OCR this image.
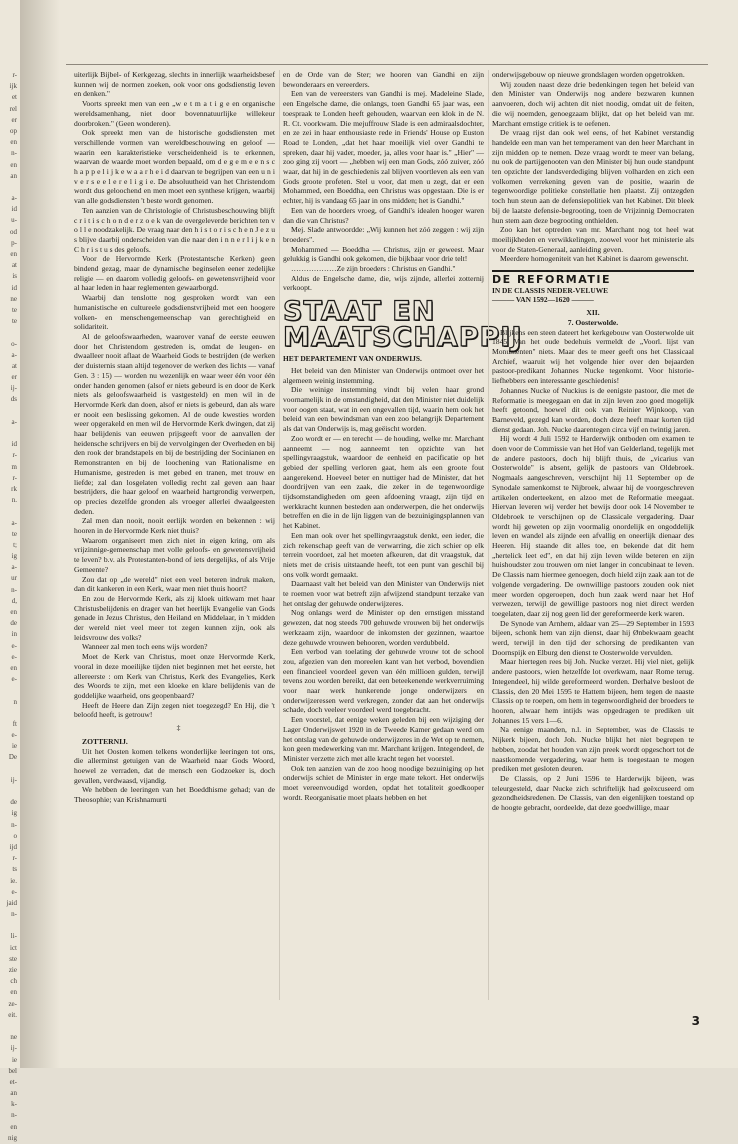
r-
ijk
et
rel
er
op
en
n-
en
an
a-
id
u-
od
p-
en
at
is
id
ne
te
te
o-
a-
at
er
ij-
ds
a-
id
r-
m
r-
rk
n.
a-
te
t;
ig
a-
ur
n-
d,
en
de
in
e-
e-
en
e-
n
ft
e-
ie
De
ij-
de
ig
n-
o
ijd
r-
ts
ie.
e-
jaid
n-
li-
ict
ste
zie
ch
en
ze-
eit.
ne
ij-
ie
bel
et-
an
k-
n-
en
nig

uiterlijk Bijbel- of Kerkgezag, slechts in innerlijk waarheidsbesef kunnen wij de normen zoeken, ook voor ons godsdienstig leven en denken."

Voorts spreekt men van een „w e t m a t i g e en organische wereldsamenhang, niet door bovennatuurlijke willekeur doorbroken." (Geen wonderen).

Ook spreekt men van de historische godsdiensten met verschillende vormen van wereldbeschouwing en geloof — waarin een karakteristieke verscheidenheid is te erkennen, waarvan de waarde moet worden bepaald, om d e g e m e e n s c h a p p e l i j k e w a a r h e i d daarvan te begrijpen van een u n i v e r s e e l e r e l i g i e. De absoluutheid van het Christendom wordt dus geloochend en men moet een synthese krijgen, waarbij van alle godsdiensten 't beste wordt genomen.

Ten aanzien van de Christologie of Christusbeschouwing blijft c r i t i s c h o n d e r z o e k van de overgeleverde berichten ten v o l l e noodzakelijk. De vraag naar den h i s t o r i s c h e n J e z u s blijve daarbij onderscheiden van die naar den i n n e r l i j k e n C h r i s t u s des geloofs.

Voor de Hervormde Kerk (Protestantsche Kerken) geen bindend gezag, maar de dynamische beginselen eener zedelijke religie — en daarom volledig geloofs- en gewetensvrijheid voor al haar leden in haar reglementen gewaarborgd.

Waarbij dan tenslotte nog gesproken wordt van een humanistische en cultureele godsdienstvrijheid met een hoogere volken- en menschengemeenschap van gerechtigheid en solidariteit.

Al de geloofswaarheden, waarover vanaf de eerste eeuwen door het Christendom gestreden is, omdat de leugen- en dwaalleer nooit aflaat de Waarheid Gods te bestrijden (de werken der duisternis staan altijd tegenover de werken des lichts — vanaf Gen. 3 : 15) — worden nu wezenlijk en waar weer één voor één onder handen genomen (alsof er niets gebeurd is en door de Kerk niets als geloofswaarheid is vastgesteld) en men wil in de Hervormde Kerk dan doen, alsof er niets is gebeurd, dan als ware er nooit een beslissing gekomen. Al de oude kwesties worden weer opgerakeld en men wil de Hervormde Kerk dwingen, dat zij haar belijdenis van eeuwen prijsgeeft voor de aanvallen der heidensche schrijvers en bij de vervolgingen der Overheden en bij den rook der brandstapels en bij de bestrijding der Socinianen en Remonstranten en bij de loochening van Rationalisme en Humanisme, gestreden is met gebed en tranen, met trouw en liefde; zal dan losgelaten volledig recht zal geven aan haar bestrijders, die haar geloof en waarheid hartgrondig verwerpen, op precies dezelfde gronden als vroeger allerlei dwaalgeesten deden.

Zal men dan nooit, nooit eerlijk worden en bekennen : wij hooren in de Hervormde Kerk niet thuis?

Waarom organiseert men zich niet in eigen kring, om als vrijzinnige-gemeenschap met volle geloofs- en gewetensvrijheid te leven? b.v. als Protestanten-bond of iets dergelijks, of als Vrije Gemeente?

Zou dat op „de wereld" niet een veel beteren indruk maken, dan dit kankeren in een Kerk, waar men niet thuis hoort?

En zou de Hervormde Kerk, als zij kloek uitkwam met haar Christusbelijdenis en drager van het heerlijk Evangelie van Gods genade in Jezus Christus, den Heiland en Middelaar, in 't midden der wereld niet veel meer tot zegen kunnen zijn, ook als leidsvrouw des volks?

Wanneer zal men toch eens wijs worden?

Moet de Kerk van Christus, moet onze Hervormde Kerk, vooral in deze moeilijke tijden niet beginnen met het eerste, het allereerste : om Kerk van Christus, Kerk des Evangelies, Kerk des Woords te zijn, met een kloeke en klare belijdenis van de goddelijke waarheid, ons geopenbaard?

Heeft de Heere dan Zijn zegen niet toegezegd? En Hij, die 't beloofd heeft, is getrouw!

‡

ZOTTERNIJ.

Uit het Oosten komen telkens wonderlijke leeringen tot ons, die allerminst getuigen van de Waarheid naar Gods Woord, hoewel ze verraden, dat de mensch een Godzoeker is, doch gevallen, verdwaasd, vijandig.

We hebben de leeringen van het Boeddhisme gehad; van de Theosophie; van Krishnamurti

en de Orde van de Ster; we hooren van Gandhi en zijn bewonderaars en vereerders.

Een van de vereersters van Gandhi is mej. Madeleine Slade, een Engelsche dame, die onlangs, toen Gandhi 65 jaar was, een toespraak te Londen heeft gehouden, waarvan een klok in de N. R. Ct. voorkwam. Die mejuffrouw Slade is een admiraalsdochter, en ze zei in haar enthousiaste rede in Friends' House op Euston Road te Londen, „dat het haar moeilijk viel over Gandhi te spreken, daar hij vader, moeder, ja, alles voor haar is." „Hier" — zoo ging zij voort — „hebben wij een man Gods, zóó zuiver, zóó waar, dat hij in de geschiedenis zal blijven voortleven als een van Gods groote profeten. Stel u voor, dat men u zegt, dat er een Mohammed, een Boeddha, een Christus was opgestaan. Die is er echter, hij is vandaag 65 jaar in ons midden; het is Gandhi."

Een van de hoorders vroeg, of Gandhi's idealen hooger waren dan die van Christus?

Mej. Slade antwoordde: „Wij kunnen het zóó zeggen : wij zijn broeders".

Mohammed — Boeddha — Christus, zijn er geweest. Maar gelukkig is Gandhi ook gekomen, die bijkbaar voor drie telt!

………………Ze zijn broeders : Christus en Gandhi."

Aldus de Engelsche dame, die, wijs zijnde, allerlei zotternij verkoopt.

STAAT EN
MAATSCHAPPIJ
HET DEPARTEMENT VAN ONDERWIJS.

Het beleid van den Minister van Onderwijs ontmoet over het algemeen weinig instemming.

Die weinige instemming vindt bij velen haar grond voornamelijk in de omstandigheid, dat den Minister niet duidelijk voor oogen staat, wat in een ongevallen tijd, waarin hem ook het beleid van een bewindsman van een zoo belangrijk Departement als dat van Onderwijs is, mag geëischt worden.

Zoo wordt er — en terecht — de houding, welke mr. Marchant aanneemt — nog aanneemt ten opzichte van het spellingvraagstuk, waardoor de eenheid en pacificatie op het gebied der spelling verloren gaat, hem als een groote fout aangerekend. Hoeveel beter en nuttiger had de Minister, dat het doordrijven van een zaak, die zeker in de tegenwoordige tijdsomstandigheden om geen afdoening vraagt, zijn tijd en werkkracht kunnen besteden aan onderwerpen, die het onderwijs betreffen en die in de lijn liggen van de bezuinigingsplannen van het Kabinet.

Een man ook over het spellingvraagstuk denkt, een ieder, die zich rekenschap geeft van de verwarring, die zich schier op elk terrein voordoet, zal het moeten afkeuren, dat dit vraagstuk, dat niets met de crisis uitstaande heeft, tot een punt van geschil bij ons volk wordt gemaakt.

Daarnaast valt het beleid van den Minister van Onderwijs niet te roemen voor wat betreft zijn afwijzend standpunt terzake van het ontslag der gehuwde onderwijzeres.

Nog onlangs werd de Minister op den ernstigen misstand gewezen, dat nog steeds 700 gehuwde vrouwen bij het onderwijs werkzaam zijn, waardoor de inkomsten der gezinnen, waartoe deze gehuwde vrouwen behooren, worden verdubbeld.

Een verbod van toelating der gehuwde vrouw tot de school zou, afgezien van den moreelen kant van het verbod, bovendien een financieel voordeel geven van één millioen gulden, terwijl tevens zou worden bereikt, dat een beteekenende werkverruiming voor naar werk hunkerende jonge onderwijzers en onderwijzeressen werd verkregen, zonder dat aan het onderwijs schade, doch veeleer voordeel werd toegebracht.

Een voorstel, dat eenige weken geleden bij een wijziging der Lager Onderwijswet 1920 in de Tweede Kamer gedaan werd om het ontslag van de gehuwde onderwijzeres in de Wet op te nemen, kon geen medewerking van mr. Marchant krijgen. Integendeel, de Minister verzette zich met alle kracht tegen het voorstel.

Ook ten aanzien van de zoo hoog noodige bezuiniging op het onderwijs schiet de Minister in erge mate tekort. Het onderwijs moet vereenvoudigd worden, opdat het totaliteit goedkooper wordt. Reorganisatie moet plaats hebben en het

onderwijsgebouw op nieuwe grondslagen worden opgetrokken.

Wij zouden naast deze drie bedenkingen tegen het beleid van den Minister van Onderwijs nog andere bezwaren kunnen aanvoeren, doch wij achten dit niet noodig, omdat uit de feiten, die wij noemden, genoegzaam blijkt, dat op het beleid van mr. Marchant ernstige critiek is te oefenen.

De vraag rijst dan ook wel eens, of het Kabinet verstandig handelde een man van het temperament van den heer Marchant in zijn midden op te nemen. Deze vraag wordt te meer van belang, nu ook de partijgenooten van den Minister bij hun oude standpunt ten opzichte der landsverdediging blijven volharden en zich een volkomen verrekening geven van de positie, waarin de tegenwoordige politieke constellatie hen plaatst. Zij ontzegden toch hun steun aan de defensiepolitiek van het Kabinet. Dit bleek bij de laatste defensie-begrooting, toen de Vrijzinnig Democraten hun stem aan deze begrooting onthielden.

Zoo kan het optreden van mr. Marchant nog tot heel wat moeilijkheden en verwikkelingen, zoowel voor het ministerie als voor de Staten-Generaal, aanleiding geven.

Meerdere homogeniteit van het Kabinet is daarom gewenscht.

DE REFORMATIE
IN DE CLASSIS NEDER-VELUWE
——— VAN 1592—1620 ———
XII.
7. Oosterwolde.

Blijkens een steen dateert het kerkgebouw van Oosterwolde uit 1845. Van het oude bedehuis vermeldt de „Voorl. lijst van Monumenten" niets. Maar des te meer geeft ons het Classicaal Archief, waaruit wij het volgende hier over den bejaarden pastoor-predikant Johannes Nucke tegenkomt. Voor historie-liefhebbers een interessante geschiedenis!

Johannes Nucke of Nuckius is de eenigste pastoor, die met de Reformatie is meegegaan en dat in zijn leven zoo goed mogelijk heeft getoond, hoewel dit ook van Reinier Wijnkoop, van Barneveld, gezegd kan worden, doch deze heeft maar korten tijd dienst gedaan. Joh. Nucke daarentegen circa vijf en twintig jaren.

Hij wordt 4 Juli 1592 te Harderwijk ontboden om examen te doen voor de Commissie van het Hof van Gelderland, tegelijk met de andere pastoors, doch hij blijft thuis, de „vicarius van Oosterwolde" is absent, gelijk de pastoors van Oldebroek. Nogmaals aangeschreven, verschijnt hij 11 September op de Synodale samenkomst te Nijbroek, alwaar hij de voorgeschreven artikelen onderteekent, en alzoo met de Reformatie meegaat. Hiervan leveren wij verder het bewijs door ook 14 November te Oldebroek te verschijnen op de Classicale vergadering. Daar wordt hij geweten op zijn voormalig onordelijk en ongoddelijk leven en wandel als zijnde een afvallig en oneerlijk dienaar des Heeren. Hij staande dit alles toe, en bekende dat dit hem „hertelick leet ed", en dat hij zijn leven wilde beteren en zijn huishoudster zou trouwen om niet langer in concubinaat te leven. De Classis nam hiermee genoegen, doch hield zijn zaak aan tot de volgende vergadering. De ownwillige pastoors zouden ook niet meer worden opgeroepen, doch hun zaak werd naar het Hof verwezen, terwijl de gewillige pastoors nog niet direct werden toegelaten, daar zij nog geen lid der gereformeerde kerk waren.

De Synode van Arnhem, aldaar van 25—29 September in 1593 bijeen, schonk hem van zijn dienst, daar hij Ønbekwaam geacht werd, terwijl in den tijd der schorsing de predikanten van Doornspijk en Elburg den dienst te Oosterwolde vervulden.

Maar hiertegen rees bij Joh. Nucke verzet. Hij viel niet, gelijk andere pastoors, wien hetzelfde lot overkwam, naar Rome terug. Integendeel, hij wilde gereformeerd worden. Derhalve besloot de Classis, den 20 Mei 1595 te Hattem bijeen, hem tegen de naaste Classis op te roepen, om hem in tegenwoordigheid der broeders te hooren, alwaar hem intijds was opgedragen te prediken uit Johannes 15 vers 1—6.

Na eenige maanden, n.l. in September, was de Classis te Nijkerk bijeen, doch Joh. Nucke blijkt het niet begrepen te hebben, zoodat het houden van zijn preek wordt opgeschort tot de naastkomende vergadering, waar hem is toegestaan te mogen prediken met gesloten deuren.

De Classis, op 2 Juni 1596 te Harderwijk bijeen, was teleurgesteld, daar Nucke zich schriftelijk had geëxcuseerd om gezondheidsredenen. De Classis, van den eigenlijken toestand op de hoogte gebracht, oordeelde, dat deze goedwillige, maar

3
